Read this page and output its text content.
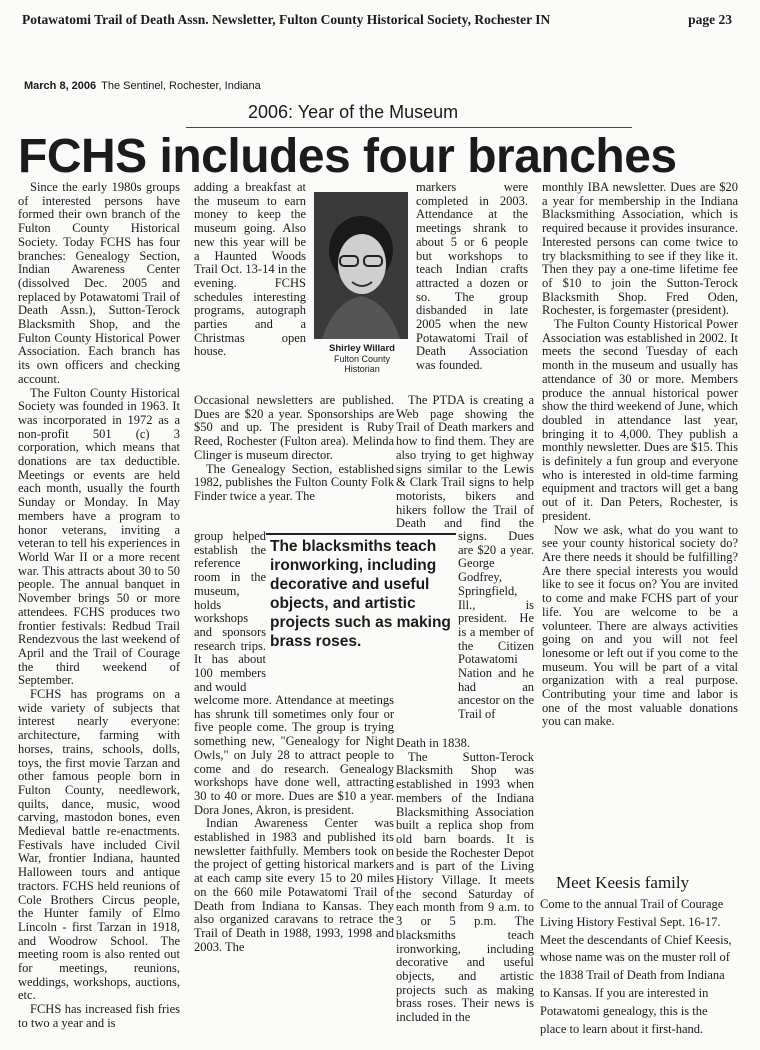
Potawatomi Trail of Death Assn. Newsletter, Fulton County Historical Society, Rochester IN	page 23
March 8, 2006 The Sentinel, Rochester, Indiana
2006: Year of the Museum
FCHS includes four branches

Since the early 1980s groups of interested persons have formed their own branch of the Fulton County Historical Society. Today FCHS has four branches: Genealogy Section, Indian Awareness Center (dissolved Dec. 2005 and replaced by Potawatomi Trail of Death Assn.), Sutton-Terock Blacksmith Shop, and the Fulton County Historical Power Association. Each branch has its own officers and checking account.

The Fulton County Historical Society was founded in 1963. It was incorporated in 1972 as a non-profit 501 (c) 3 corporation, which means that donations are tax deductible. Meetings or events are held each month, usually the fourth Sunday or Monday. In May members have a program to honor veterans, inviting a veteran to tell his experiences in World War II or a more recent war. This attracts about 30 to 50 people. The annual banquet in November brings 50 or more attendees. FCHS produces two frontier festivals: Redbud Trail Rendezvous the last weekend of April and the Trail of Courage the third weekend of September.

FCHS has programs on a wide variety of subjects that interest nearly everyone: architecture, farming with horses, trains, schools, dolls, toys, the first movie Tarzan and other famous people born in Fulton County, needlework, quilts, dance, music, wood carving, mastodon bones, even Medieval battle re-enactments. Festivals have included Civil War, frontier Indiana, haunted Halloween tours and antique tractors. FCHS held reunions of Cole Brothers Circus people, the Hunter family of Elmo Lincoln - first Tarzan in 1918, and Woodrow School. The meeting room is also rented out for meetings, reunions, weddings, workshops, auctions, etc.

FCHS has increased fish fries to two a year and is

adding a breakfast at the museum to earn money to keep the museum going. Also new this year will be a Haunted Woods Trail Oct. 13-14 in the evening. FCHS schedules interesting programs, autograph parties and a Christmas open house.

Occasional newsletters are published. Dues are $20 a year. Sponsorships are $50 and up. The president is Ruby Reed, Rochester (Fulton area). Melinda Clinger is museum director.

The Genealogy Section, established 1982, publishes the Fulton County Folk Finder twice a year. The

group helped establish the reference room in the museum, holds workshops and sponsors research trips. It has about 100 members and would

welcome more. Attendance at meetings has shrunk till sometimes only four or five people come. The group is trying something new, "Genealogy for Night Owls," on July 28 to attract people to come and do research. Genealogy workshops have done well, attracting 30 to 40 or more. Dues are $10 a year. Dora Jones, Akron, is president.

Indian Awareness Center was established in 1983 and published its newsletter faithfully. Members took on the project of getting historical markers at each camp site every 15 to 20 miles on the 660 mile Potawatomi Trail of Death from Indiana to Kansas. They also organized caravans to retrace the Trail of Death in 1988, 1993, 1998 and 2003. The

Shirley Willard
Fulton County
Historian

markers were completed in 2003. Attendance at the meetings shrank to about 5 or 6 people but workshops to teach Indian crafts attracted a dozen or so. The group disbanded in late 2005 when the new Potawatomi Trail of Death Association was founded.

The PTDA is creating a Web page showing the Trail of Death markers and how to find them. They are also trying to get highway signs similar to the Lewis & Clark Trail signs to help motorists, bikers and hikers follow the Trail of Death and find the

The blacksmiths teach ironworking, including decorative and useful objects, and artistic projects such as making brass roses.

signs. Dues are $20 a year. George Godfrey, Springfield, Ill., is president. He is a member of the Citizen Potawatomi Nation and he had an ancestor on the Trail of

Death in 1838.

The Sutton-Terock Blacksmith Shop was established in 1993 when members of the Indiana Blacksmithing Association built a replica shop from old barn boards. It is beside the Rochester Depot and is part of the Living History Village. It meets the second Saturday of each month from 9 a.m. to 3 or 5 p.m. The blacksmiths teach ironworking, including decorative and useful objects, and artistic projects such as making brass roses. Their news is included in the

monthly IBA newsletter. Dues are $20 a year for membership in the Indiana Blacksmithing Association, which is required because it provides insurance. Interested persons can come twice to try blacksmithing to see if they like it. Then they pay a one-time lifetime fee of $10 to join the Sutton-Terock Blacksmith Shop. Fred Oden, Rochester, is forgemaster (president).

The Fulton County Historical Power Association was established in 2002. It meets the second Tuesday of each month in the museum and usually has attendance of 30 or more. Members produce the annual historical power show the third weekend of June, which doubled in attendance last year, bringing it to 4,000. They publish a monthly newsletter. Dues are $15. This is definitely a fun group and everyone who is interested in old-time farming equipment and tractors will get a bang out of it. Dan Peters, Rochester, is president.

Now we ask, what do you want to see your county historical society do? Are there needs it should be fulfilling? Are there special interests you would like to see it focus on? You are invited to come and make FCHS part of your life. You are welcome to be a volunteer. There are always activities going on and you will not feel lonesome or left out if you come to the museum. You will be part of a vital organization with a real purpose. Contributing your time and labor is one of the most valuable donations you can make.

Meet Keesis family

Come to the annual Trail of Courage Living History Festival Sept. 16-17. Meet the descendants of Chief Keesis, whose name was on the muster roll of the 1838 Trail of Death from Indiana to Kansas. If you are interested in Potawatomi genealogy, this is the place to learn about it first-hand.
